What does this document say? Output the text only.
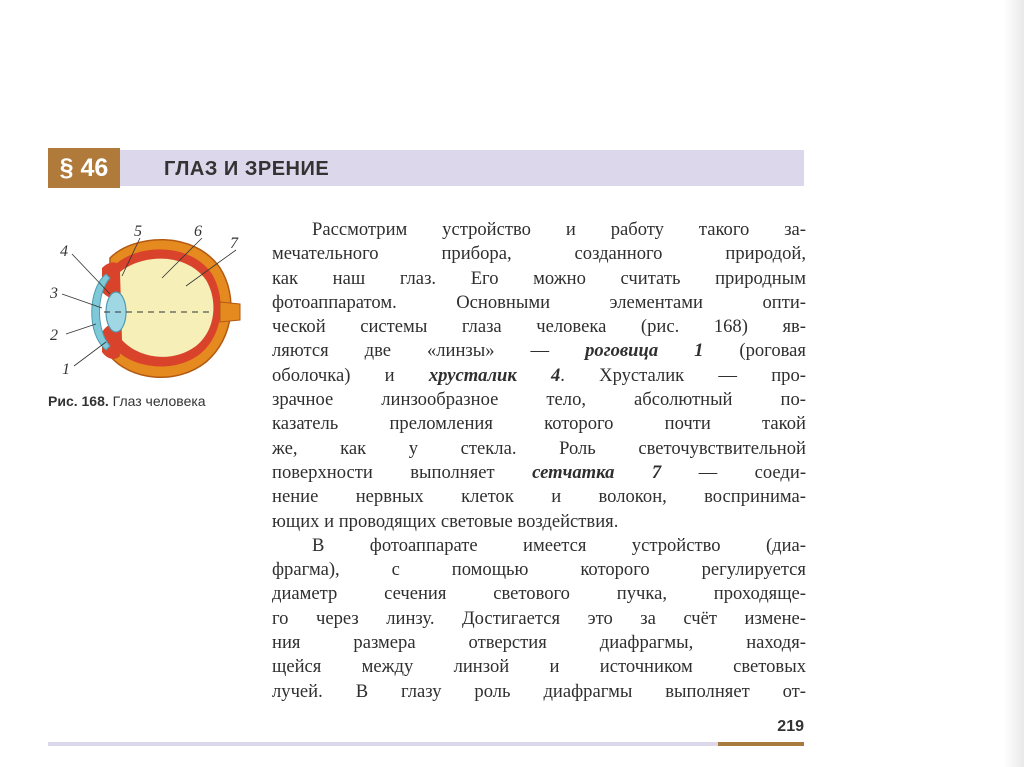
§ 46	ГЛАЗ И ЗРЕНИЕ
1
2
3
4
5	6
7
Рис. 168. Глаз человека
Рассмотрим устройство и работу такого за-
мечательного прибора, созданного природой,
как наш глаз. Его можно считать природным
фотоаппаратом. Основными элементами опти-
ческой системы глаза человека (рис. 168) яв-
ляются две «линзы» — роговица 1 (роговая
оболочка) и хрусталик 4. Хрусталик — про-
зрачное линзообразное тело, абсолютный по-
казатель преломления которого почти такой
же, как у стекла. Роль светочувствительной
поверхности выполняет сетчатка 7 — соеди-
нение нервных клеток и волокон, воспринима-
ющих и проводящих световые воздействия.
В фотоаппарате имеется устройство (диа-
фрагма), с помощью которого регулируется
диаметр сечения светового пучка, проходяще-
го через линзу. Достигается это за счёт измене-
ния размера отверстия диафрагмы, находя-
щейся между линзой и источником световых
лучей. В глазу роль диафрагмы выполняет от-
219
